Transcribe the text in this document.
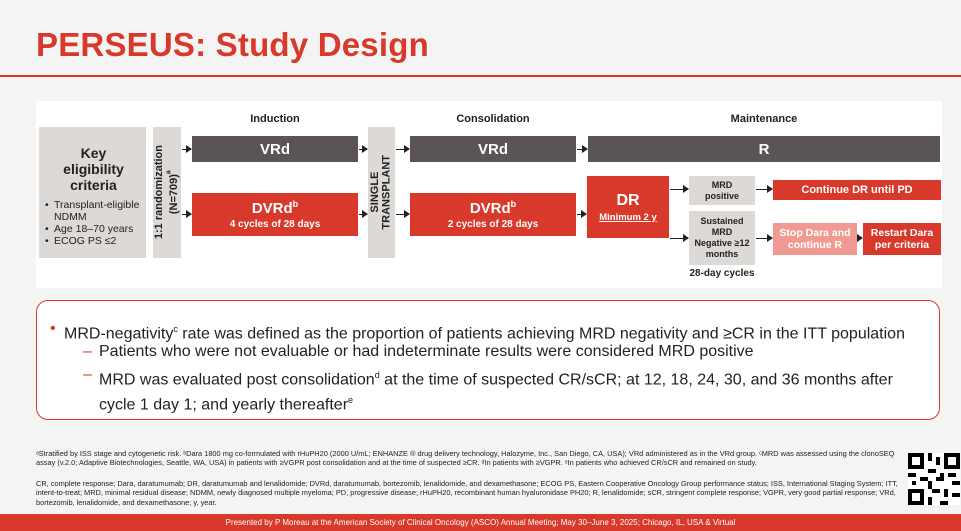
PERSEUS: Study Design
Induction	Consolidation	Maintenance
Key eligibility criteria
• Transplant-eligible NDMM
• Age 18–70 years
• ECOG PS ≤2
1:1 randomization (N=709)$^a$
VRd
DVRd$^b$
4 cycles of 28 days
SINGLE
TRANSPLANT
VRd
DVRd$^b$
2 cycles of 28 days
R
DR
Minimum 2 y
MRD positive
Sustained MRD Negative ≥12 months
28-day cycles
Continue DR until PD
Stop Dara and continue R
Restart Dara per criteria
• MRD-negativity$^c$ rate was defined as the proportion of patients achieving MRD negativity and ≥CR in the ITT population
– Patients who were not evaluable or had indeterminate results were considered MRD positive
– MRD was evaluated post consolidation$^d$ at the time of suspected CR/sCR; at 12, 18, 24, 30, and 36 months after cycle 1 day 1; and yearly thereafter$^e$
ᵃStratified by ISS stage and cytogenetic risk. ᵇDara 1800 mg co-formulated with rHuPH20 (2000 U/mL; ENHANZE ® drug delivery technology, Halozyme, Inc., San Diego, CA, USA); VRd administered as in the VRd group. ᶜMRD was assessed using the clonoSEQ assay (v.2.0; Adaptive Biotechnologies, Seattle, WA, USA) in patients with ≥VGPR post consolidation and at the time of suspected ≥CR. ᵈIn patients with ≥VGPR. ᵉIn patients who achieved CR/sCR and remained on study.
CR, complete response; Dara, daratumumab; DR, daratumumab and lenalidomide; DVRd, daratumumab, bortezomib, lenalidomide, and dexamethasone; ECOG PS, Eastern Cooperative Oncology Group performance status; ISS, International Staging System; ITT, intent-to-treat; MRD, minimal residual disease; NDMM, newly diagnosed multiple myeloma; PD, progressive disease; rHuPH20, recombinant human hyaluronidase PH20; R, lenalidomide; sCR, stringent complete response; VGPR, very good partial response; VRd, bortezomib, lenalidomide, and dexamethasone; y, year.
Presented by P Moreau at the American Society of Clinical Oncology (ASCO) Annual Meeting; May 30–June 3, 2025; Chicago, IL, USA & Virtual
